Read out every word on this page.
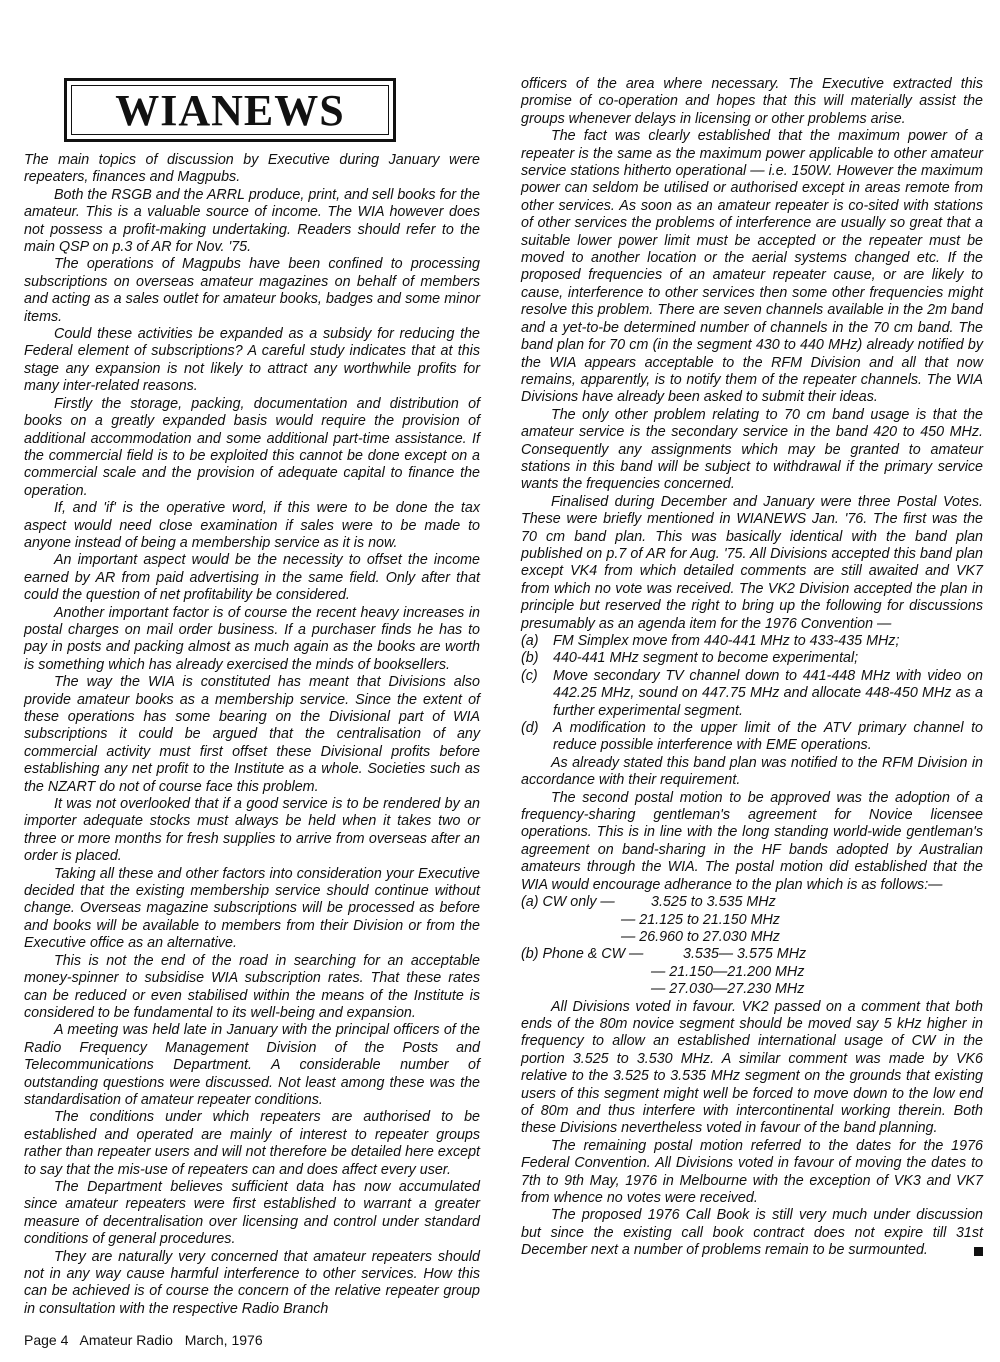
WIANEWS

The main topics of discussion by Executive during January were repeaters, finances and Magpubs.

Both the RSGB and the ARRL produce, print, and sell books for the amateur. This is a valuable source of income. The WIA however does not possess a profit-making undertaking. Readers should refer to the main QSP on p.3 of AR for Nov. '75.

The operations of Magpubs have been confined to processing subscriptions on overseas amateur magazines on behalf of members and acting as a sales outlet for amateur books, badges and some minor items.

Could these activities be expanded as a subsidy for reducing the Federal element of subscriptions? A careful study indicates that at this stage any expansion is not likely to attract any worthwhile profits for many inter-related reasons.

Firstly the storage, packing, documentation and distribution of books on a greatly expanded basis would require the provision of additional accommodation and some additional part-time assistance. If the commercial field is to be exploited this cannot be done except on a commercial scale and the provision of adequate capital to finance the operation.

If, and 'if' is the operative word, if this were to be done the tax aspect would need close examination if sales were to be made to anyone instead of being a membership service as it is now.

An important aspect would be the necessity to offset the income earned by AR from paid advertising in the same field. Only after that could the question of net profitability be considered.

Another important factor is of course the recent heavy increases in postal charges on mail order business. If a purchaser finds he has to pay in posts and packing almost as much again as the books are worth is something which has already exercised the minds of booksellers.

The way the WIA is constituted has meant that Divisions also provide amateur books as a membership service. Since the extent of these operations has some bearing on the Divisional part of WIA subscriptions it could be argued that the centralisation of any commercial activity must first offset these Divisional profits before establishing any net profit to the Institute as a whole. Societies such as the NZART do not of course face this problem.

It was not overlooked that if a good service is to be rendered by an importer adequate stocks must always be held when it takes two or three or more months for fresh supplies to arrive from overseas after an order is placed.

Taking all these and other factors into consideration your Executive decided that the existing membership service should continue without change. Overseas magazine subscriptions will be processed as before and books will be available to members from their Division or from the Executive office as an alternative.

This is not the end of the road in searching for an acceptable money-spinner to subsidise WIA subscription rates. That these rates can be reduced or even stabilised within the means of the Institute is considered to be fundamental to its well-being and expansion.

A meeting was held late in January with the principal officers of the Radio Frequency Management Division of the Posts and Telecommunications Department. A considerable number of outstanding questions were discussed. Not least among these was the standardisation of amateur repeater conditions.

The conditions under which repeaters are authorised to be established and operated are mainly of interest to repeater groups rather than repeater users and will not therefore be detailed here except to say that the mis-use of repeaters can and does affect every user.

The Department believes sufficient data has now accumulated since amateur repeaters were first established to warrant a greater measure of decentralisation over licensing and control under standard conditions of general procedures.

They are naturally very concerned that amateur repeaters should not in any way cause harmful interference to other services. How this can be achieved is of course the concern of the relative repeater group in consultation with the respective Radio Branch

officers of the area where necessary. The Executive extracted this promise of co-operation and hopes that this will materially assist the groups whenever delays in licensing or other problems arise.

The fact was clearly established that the maximum power of a repeater is the same as the maximum power applicable to other amateur service stations hitherto operational — i.e. 150W. However the maximum power can seldom be utilised or authorised except in areas remote from other services. As soon as an amateur repeater is co-sited with stations of other services the problems of interference are usually so great that a suitable lower power limit must be accepted or the repeater must be moved to another location or the aerial systems changed etc. If the proposed frequencies of an amateur repeater cause, or are likely to cause, interference to other services then some other frequencies might resolve this problem. There are seven channels available in the 2m band and a yet-to-be determined number of channels in the 70 cm band. The band plan for 70 cm (in the segment 430 to 440 MHz) already notified by the WIA appears acceptable to the RFM Division and all that now remains, apparently, is to notify them of the repeater channels. The WIA Divisions have already been asked to submit their ideas.

The only other problem relating to 70 cm band usage is that the amateur service is the secondary service in the band 420 to 450 MHz. Consequently any assignments which may be granted to amateur stations in this band will be subject to withdrawal if the primary service wants the frequencies concerned.

Finalised during December and January were three Postal Votes. These were briefly mentioned in WIANEWS Jan. '76. The first was the 70 cm band plan. This was basically identical with the band plan published on p.7 of AR for Aug. '75. All Divisions accepted this band plan except VK4 from which detailed comments are still awaited and VK7 from which no vote was received. The VK2 Division accepted the plan in principle but reserved the right to bring up the following for discussions presumably as an agenda item for the 1976 Convention —

(a)	FM Simplex move from 440-441 MHz to 433-435 MHz;
(b)	440-441 MHz segment to become experimental;
(c)	Move secondary TV channel down to 441-448 MHz with video on 442.25 MHz, sound on 447.75 MHz and allocate 448-450 MHz as a further experimental segment.
(d)	A modification to the upper limit of the ATV primary channel to reduce possible interference with EME operations.

As already stated this band plan was notified to the RFM Division in accordance with their requirement.

The second postal motion to be approved was the adoption of a frequency-sharing gentleman's agreement for Novice licensee operations. This is in line with the long standing world-wide gentleman's agreement on band-sharing in the HF bands adopted by Australian amateurs through the WIA. The postal motion did established that the WIA would encourage adherance to the plan which is as follows:—

(a) CW only —	3.525 to 3.535 MHz
— 21.125 to 21.150 MHz
— 26.960 to 27.030 MHz
(b) Phone & CW —	3.535— 3.575 MHz
— 21.150—21.200 MHz
— 27.030—27.230 MHz

All Divisions voted in favour. VK2 passed on a comment that both ends of the 80m novice segment should be moved say 5 kHz higher in frequency to allow an established international usage of CW in the portion 3.525 to 3.530 MHz. A similar comment was made by VK6 relative to the 3.525 to 3.535 MHz segment on the grounds that existing users of this segment might well be forced to move down to the low end of 80m and thus interfere with intercontinental working therein. Both these Divisions nevertheless voted in favour of the band planning.

The remaining postal motion referred to the dates for the 1976 Federal Convention. All Divisions voted in favour of moving the dates to 7th to 9th May, 1976 in Melbourne with the exception of VK3 and VK7 from whence no votes were received.

The proposed 1976 Call Book is still very much under discussion but since the existing call book contract does not expire till 31st December next a number of problems remain to be surmounted.

Page 4 Amateur Radio March, 1976
